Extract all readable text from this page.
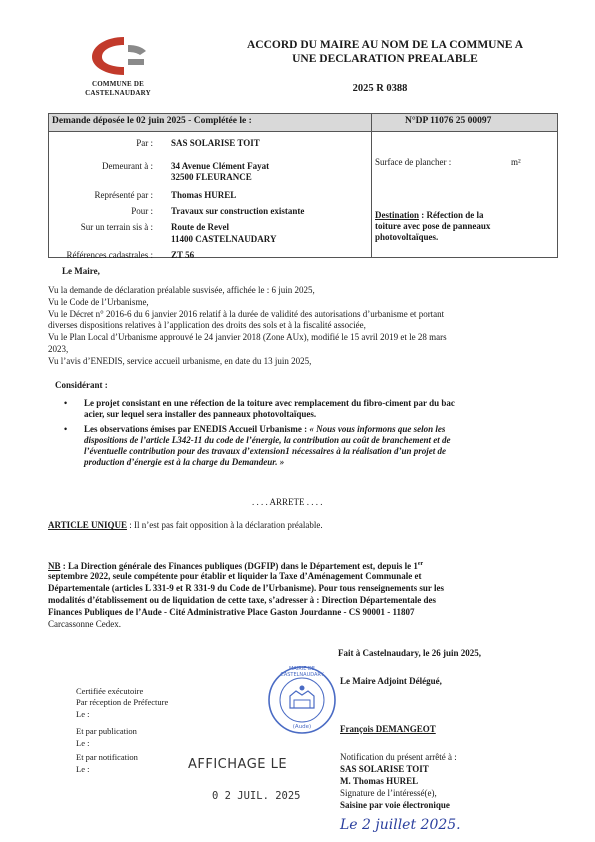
COMMUNE DE
CASTELNAUDARY
ACCORD DU MAIRE AU NOM DE LA COMMUNE A
UNE DECLARATION PREALABLE
2025 R 0388
Demande déposée le 02 juin 2025 - Complétée le :	N°DP 11076 25 00097
Par : SAS SOLARISE TOIT
Demeurant à : 34 Avenue Clément Fayat
32500 FLEURANCE
Représenté par : Thomas HUREL
Pour : Travaux sur construction existante
Sur un terrain sis à : Route de Revel
11400 CASTELNAUDARY
Références cadastrales : ZT 56
Surface de plancher :	m²
Destination : Réfection de la
toiture avec pose de panneaux
photovoltaïques.
Le Maire,
Vu la demande de déclaration préalable susvisée, affichée le : 6 juin 2025,
Vu le Code de l’Urbanisme,
Vu le Décret n° 2016-6 du 6 janvier 2016 relatif à la durée de validité des autorisations d’urbanisme et portant
diverses dispositions relatives à l’application des droits des sols et à la fiscalité associée,
Vu le Plan Local d’Urbanisme approuvé le 24 janvier 2018 (Zone AUx), modifié le 15 avril 2019 et le 28 mars
2023,
Vu l’avis d’ENEDIS, service accueil urbanisme, en date du 13 juin 2025,
Considérant :
• Le projet consistant en une réfection de la toiture avec remplacement du fibro-ciment par du bac
acier, sur lequel sera installer des panneaux photovoltaïques.
• Les observations émises par ENEDIS Accueil Urbanisme : « Nous vous informons que selon les
dispositions de l’article L342-11 du code de l’énergie, la contribution au coût de branchement et de
l’éventuelle contribution pour des travaux d’extension1 nécessaires à la réalisation d’un projet de
production d’énergie est à la charge du Demandeur. »
. . . . ARRETE . . . .
ARTICLE UNIQUE : Il n’est pas fait opposition à la déclaration préalable.
NB : La Direction générale des Finances publiques (DGFIP) dans le Département est, depuis le 1er
septembre 2022, seule compétente pour établir et liquider la Taxe d’Aménagement Communale et
Départementale (articles L 331-9 et R 331-9 du Code de l’Urbanisme). Pour tous renseignements sur les
modalités d’établissement ou de liquidation de cette taxe, s’adresser à : Direction Départementale des
Finances Publiques de l’Aude - Cité Administrative Place Gaston Jourdanne - CS 90001 - 11807
Carcassonne Cedex.
Fait à Castelnaudary, le 26 juin 2025,
Le Maire Adjoint Délégué,
MAIRIE DE CASTELNAUDARY
(Aude)	François DEMANGEOT
Notification du présent arrêté à :
SAS SOLARISE TOIT
M. Thomas HUREL
Signature de l’intéressé(e),
Saisine par voie électronique
Certifiée exécutoire
Par réception de Préfecture
Le :
Et par publication
Le :
Et par notification
Le :	AFFICHAGE LE
0 2 JUIL. 2025
Le 2 juillet 2025.
